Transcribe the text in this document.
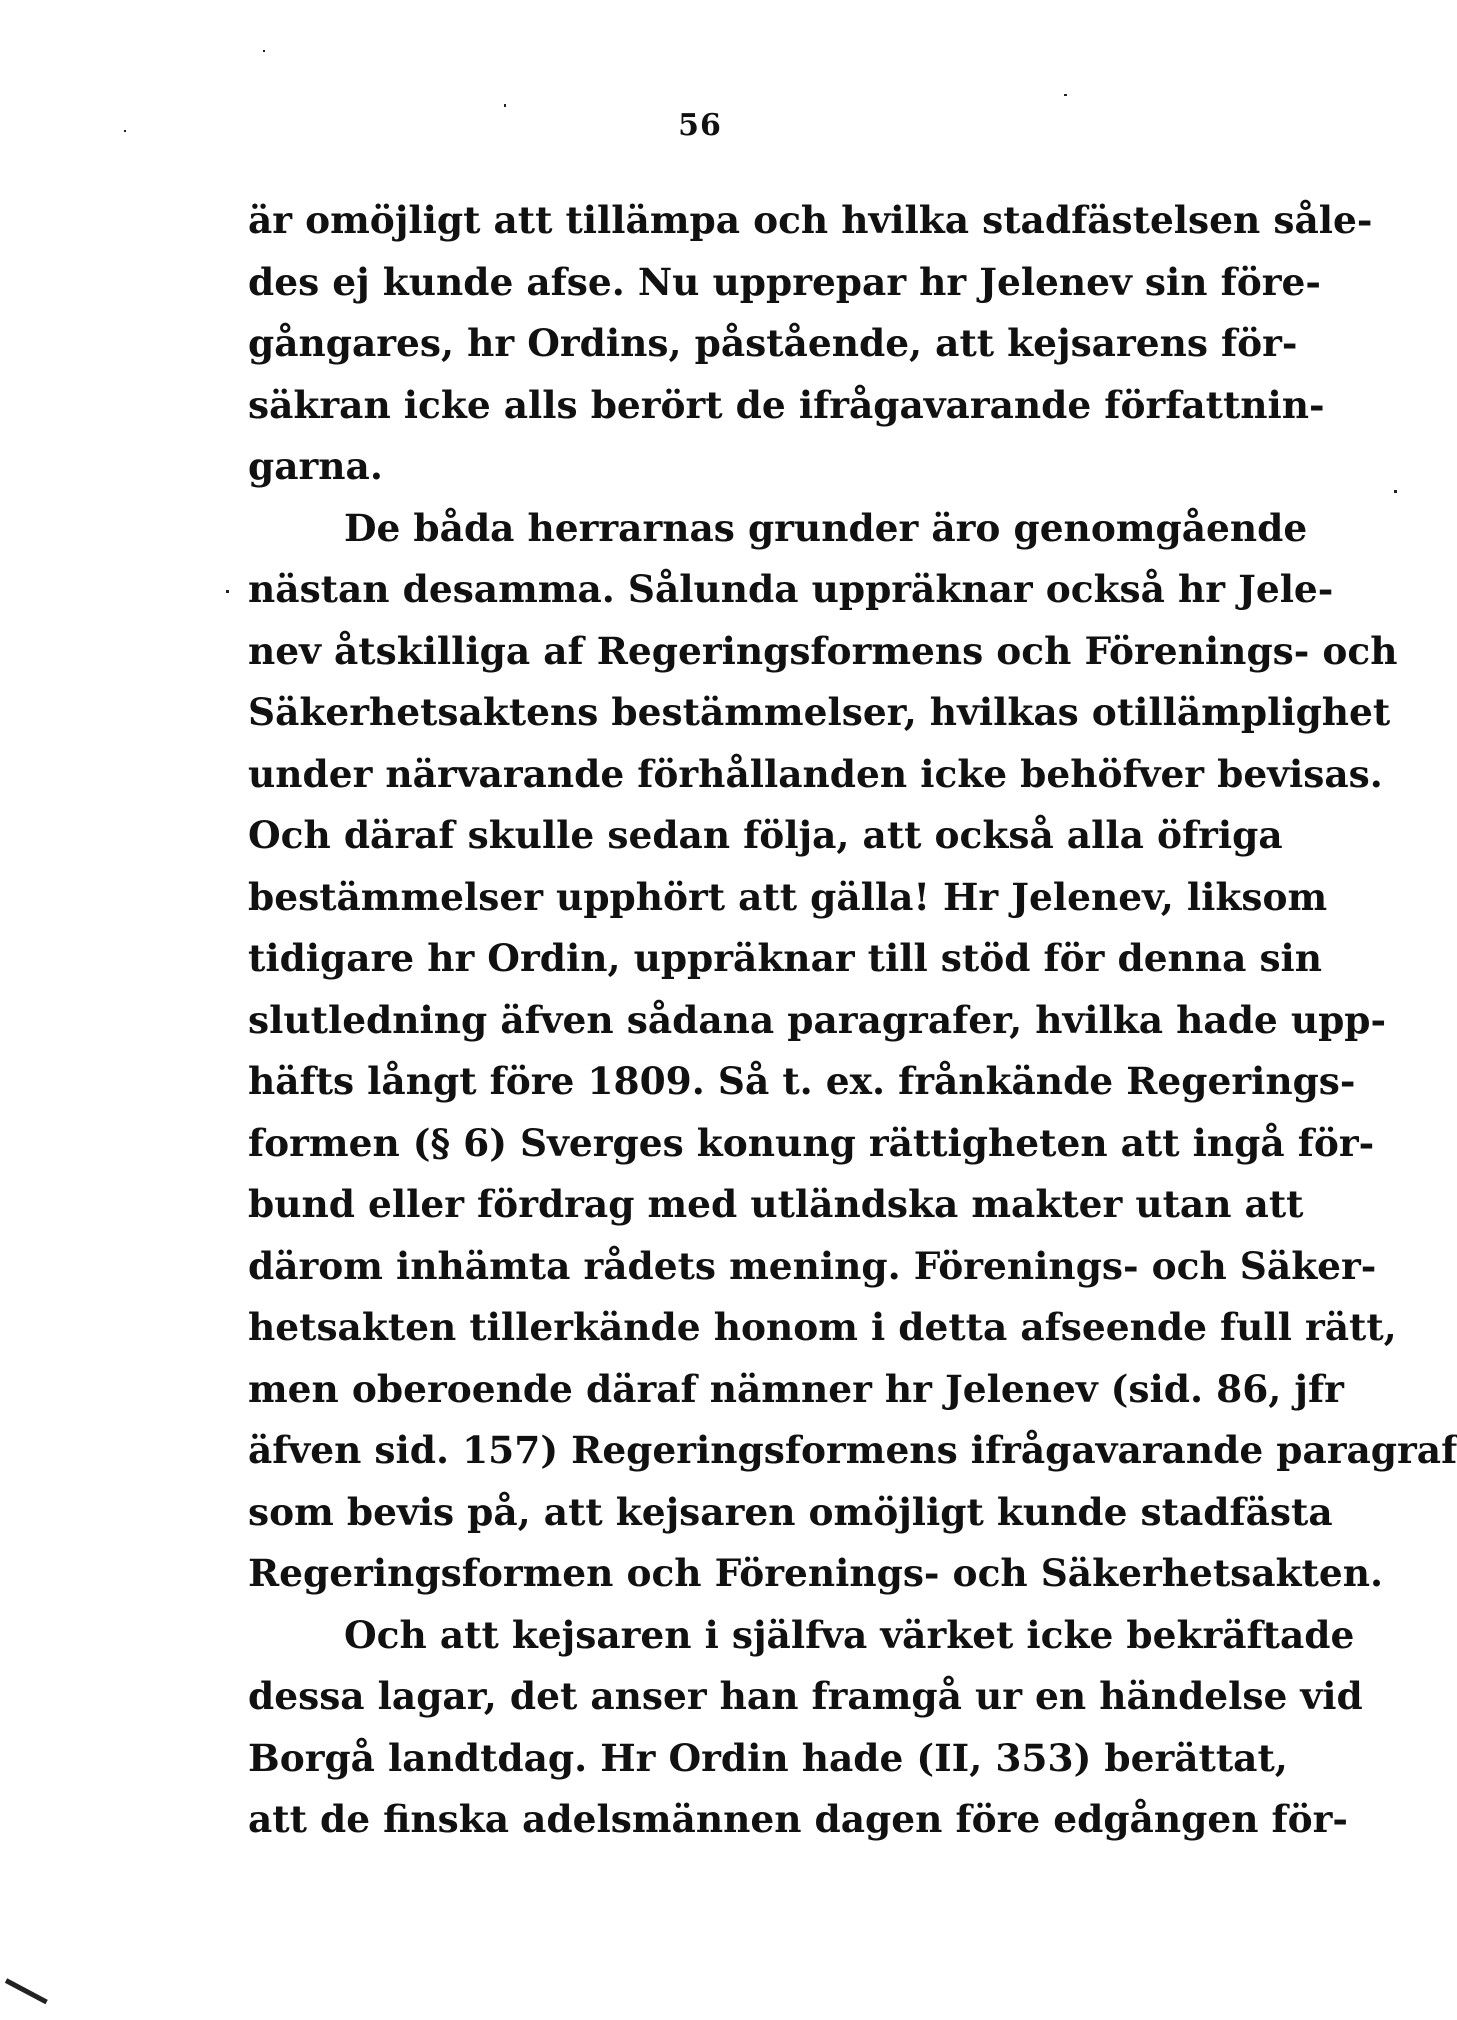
56
är omöjligt att tillämpa och hvilka stadfästelsen såle-
des ej kunde afse. Nu upprepar hr Jelenev sin före-
gångares, hr Ordins, påstående, att kejsarens för-
säkran icke alls berört de ifrågavarande författnin-
garna.
De båda herrarnas grunder äro genomgående
nästan desamma. Sålunda uppräknar också hr Jele-
nev åtskilliga af Regeringsformens och Förenings- och
Säkerhetsaktens bestämmelser, hvilkas otillämplighet
under närvarande förhållanden icke behöfver bevisas.
Och däraf skulle sedan följa, att också alla öfriga
bestämmelser upphört att gälla! Hr Jelenev, liksom
tidigare hr Ordin, uppräknar till stöd för denna sin
slutledning äfven sådana paragrafer, hvilka hade upp-
häfts långt före 1809. Så t. ex. frånkände Regerings-
formen (§ 6) Sverges konung rättigheten att ingå för-
bund eller fördrag med utländska makter utan att
därom inhämta rådets mening. Förenings- och Säker-
hetsakten tillerkände honom i detta afseende full rätt,
men oberoende däraf nämner hr Jelenev (sid. 86, jfr
äfven sid. 157) Regeringsformens ifrågavarande paragraf
som bevis på, att kejsaren omöjligt kunde stadfästa
Regeringsformen och Förenings- och Säkerhetsakten.
Och att kejsaren i själfva värket icke bekräftade
dessa lagar, det anser han framgå ur en händelse vid
Borgå landtdag. Hr Ordin hade (II, 353) berättat,
att de finska adelsmännen dagen före edgången för-
